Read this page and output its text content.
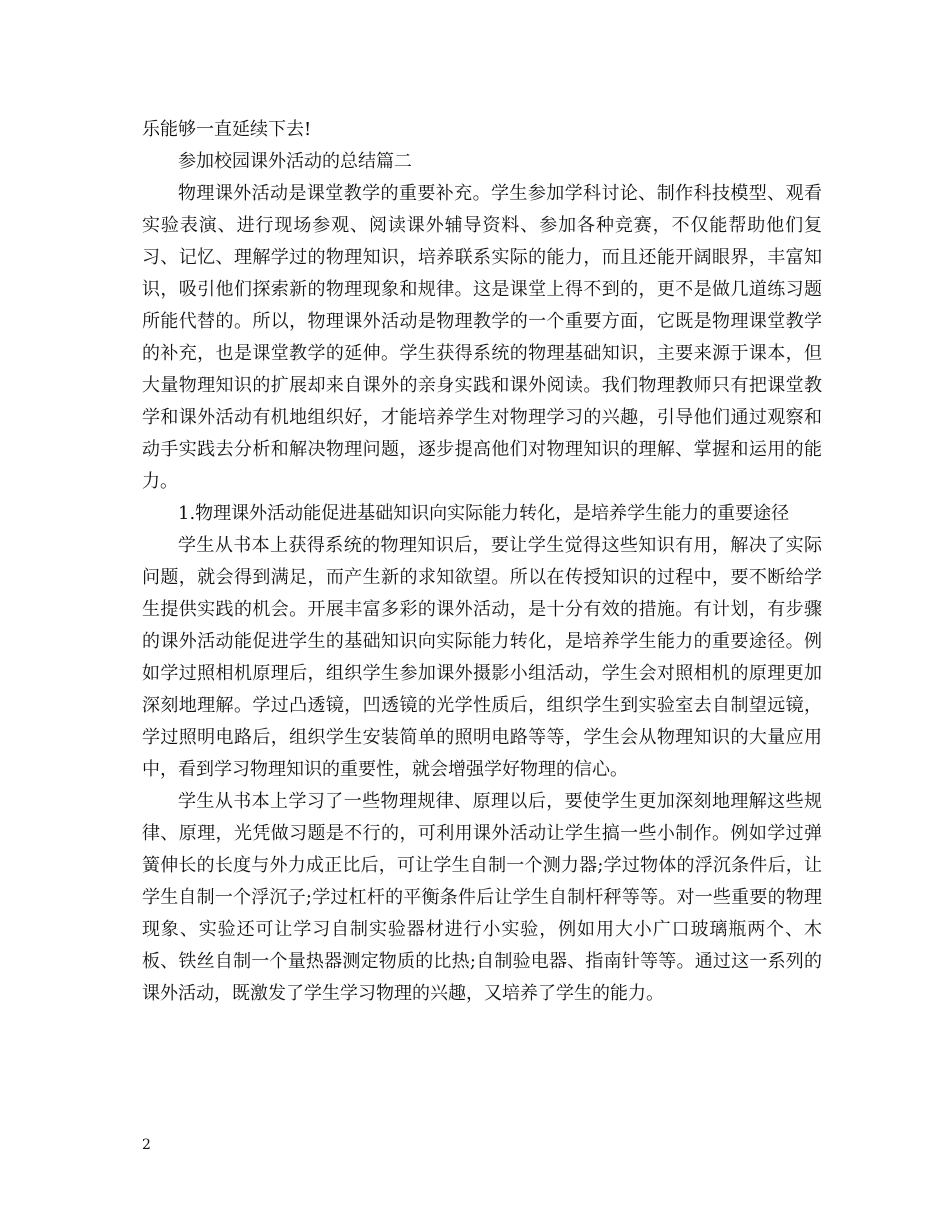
乐能够一直延续下去!

参加校园课外活动的总结篇二

物理课外活动是课堂教学的重要补充。学生参加学科讨论、制作科技模型、观看实验表演、进行现场参观、阅读课外辅导资料、参加各种竞赛，不仅能帮助他们复习、记忆、理解学过的物理知识，培养联系实际的能力，而且还能开阔眼界，丰富知识，吸引他们探索新的物理现象和规律。这是课堂上得不到的，更不是做几道练习题所能代替的。所以，物理课外活动是物理教学的一个重要方面，它既是物理课堂教学的补充，也是课堂教学的延伸。学生获得系统的物理基础知识，主要来源于课本，但大量物理知识的扩展却来自课外的亲身实践和课外阅读。我们物理教师只有把课堂教学和课外活动有机地组织好，才能培养学生对物理学习的兴趣，引导他们通过观察和动手实践去分析和解决物理问题，逐步提高他们对物理知识的理解、掌握和运用的能力。

1.物理课外活动能促进基础知识向实际能力转化，是培养学生能力的重要途径

学生从书本上获得系统的物理知识后，要让学生觉得这些知识有用，解决了实际问题，就会得到满足，而产生新的求知欲望。所以在传授知识的过程中，要不断给学生提供实践的机会。开展丰富多彩的课外活动，是十分有效的措施。有计划，有步骤的课外活动能促进学生的基础知识向实际能力转化，是培养学生能力的重要途径。例如学过照相机原理后，组织学生参加课外摄影小组活动，学生会对照相机的原理更加深刻地理解。学过凸透镜，凹透镜的光学性质后，组织学生到实验室去自制望远镜，学过照明电路后，组织学生安装简单的照明电路等等，学生会从物理知识的大量应用中，看到学习物理知识的重要性，就会增强学好物理的信心。

学生从书本上学习了一些物理规律、原理以后，要使学生更加深刻地理解这些规律、原理，光凭做习题是不行的，可利用课外活动让学生搞一些小制作。例如学过弹簧伸长的长度与外力成正比后，可让学生自制一个测力器;学过物体的浮沉条件后，让学生自制一个浮沉子;学过杠杆的平衡条件后让学生自制杆秤等等。对一些重要的物理现象、实验还可让学习自制实验器材进行小实验，例如用大小广口玻璃瓶两个、木板、铁丝自制一个量热器测定物质的比热;自制验电器、指南针等等。通过这一系列的课外活动，既激发了学生学习物理的兴趣，又培养了学生的能力。

2
